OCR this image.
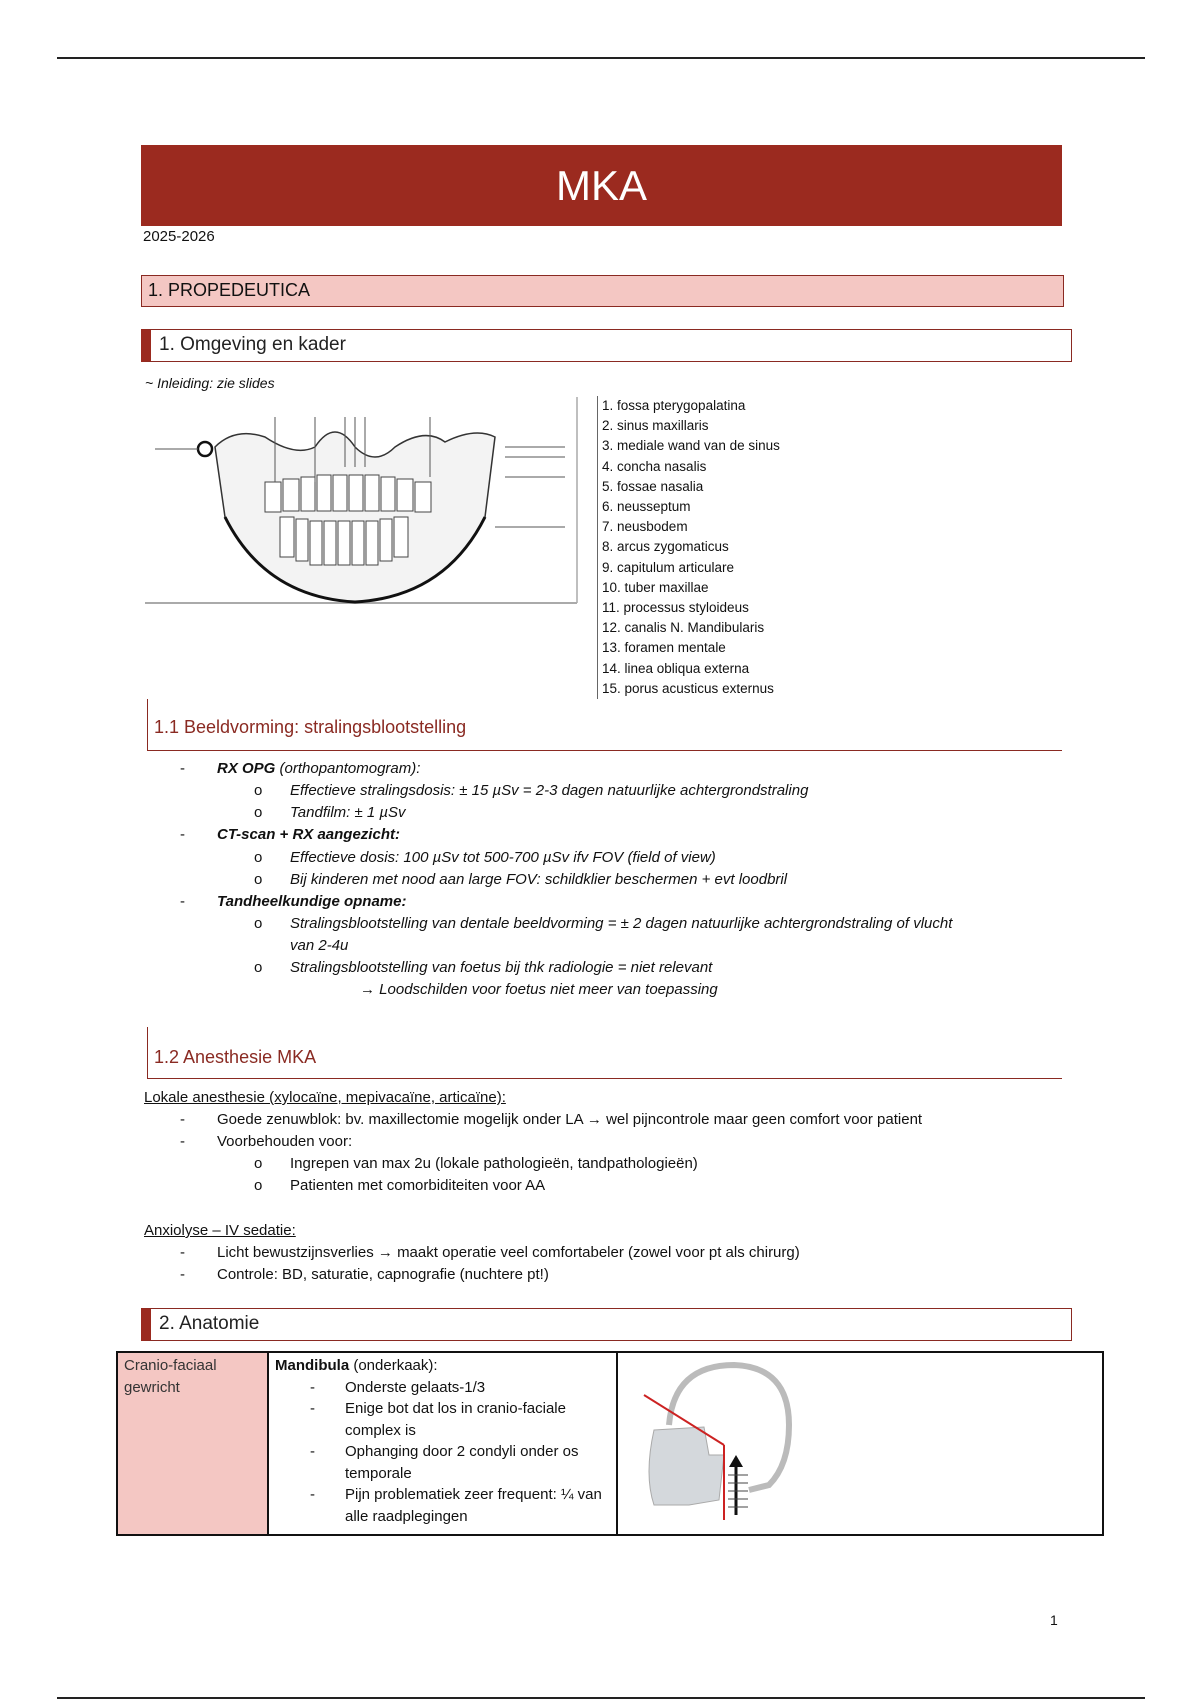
MKA
2025-2026
1. PROPEDEUTICA
1. Omgeving en kader
~ Inleiding: zie slides
1. fossa pterygopalatina
2. sinus maxillaris
3. mediale wand van de sinus
4. concha nasalis
5. fossae nasalia
6. neusseptum
7. neusbodem
8. arcus zygomaticus
9. capitulum articulare
10. tuber maxillae
11. processus styloideus
12. canalis N. Mandibularis
13. foramen mentale
14. linea obliqua externa
15. porus acusticus externus
1.1 Beeldvorming: stralingsblootstelling
- RX OPG (orthopantomogram):
o Effectieve stralingsdosis: ± 15 µSv = 2-3 dagen natuurlijke achtergrondstraling
o Tandfilm: ± 1 µSv
- CT-scan + RX aangezicht:
o Effectieve dosis: 100 µSv tot 500-700 µSv ifv FOV (field of view)
o Bij kinderen met nood aan large FOV: schildklier beschermen + evt loodbril
- Tandheelkundige opname:
o Stralingsblootstelling van dentale beeldvorming = ± 2 dagen natuurlijke achtergrondstraling of vlucht
van 2-4u
o Stralingsblootstelling van foetus bij thk radiologie = niet relevant
→ Loodschilden voor foetus niet meer van toepassing
1.2 Anesthesie MKA
Lokale anesthesie (xylocaïne, mepivacaïne, articaïne):
- Goede zenuwblok: bv. maxillectomie mogelijk onder LA → wel pijncontrole maar geen comfort voor patient
- Voorbehouden voor:
o Ingrepen van max 2u (lokale pathologieën, tandpathologieën)
o Patienten met comorbiditeiten voor AA
Anxiolyse – IV sedatie:
- Licht bewustzijnsverlies → maakt operatie veel comfortabeler (zowel voor pt als chirurg)
- Controle: BD, saturatie, capnografie (nuchtere pt!)
2. Anatomie
Cranio-faciaal gewricht	
Mandibula (onderkaak):
-	Onderste gelaats-1/3
-	Enige bot dat los in cranio-faciale complex is
-	Ophanging door 2 condyli onder os temporale
-	Pijn problematiek zeer frequent: ¼ van alle raadplegingen

1
